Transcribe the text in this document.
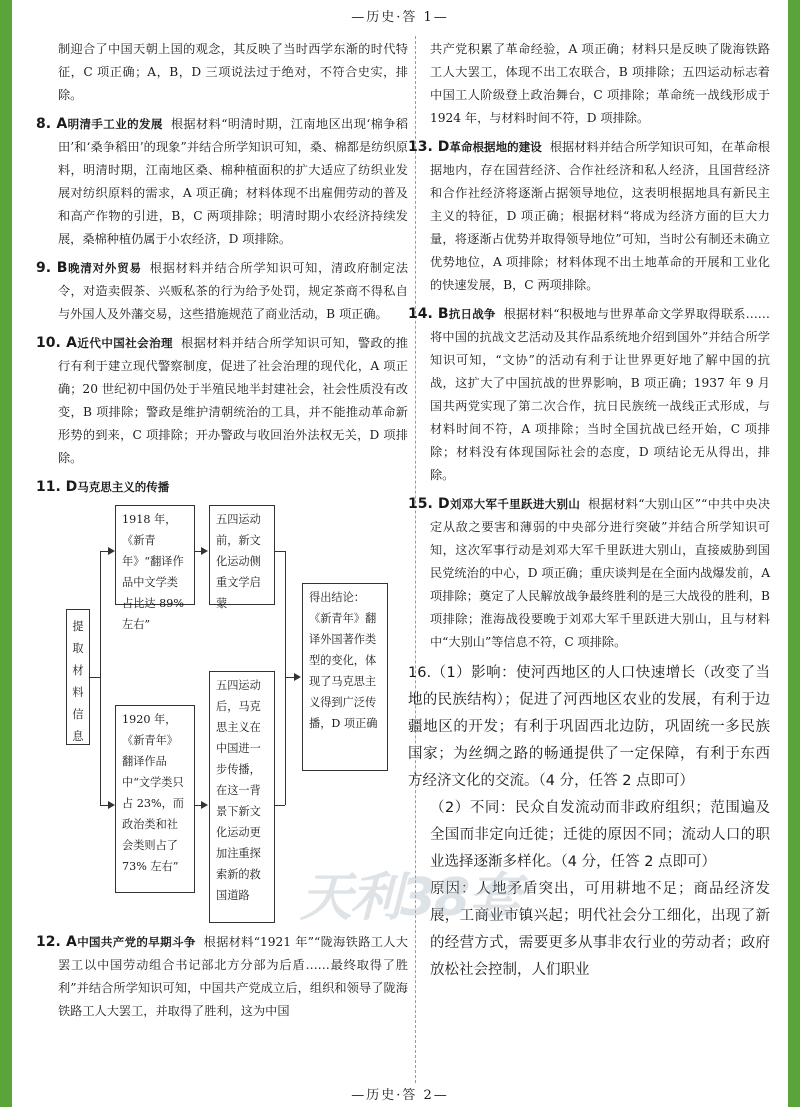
—历史·答 1—

制迎合了中国天朝上国的观念，其反映了当时西学东渐的时代特征，C 项正确；A，B，D 三项说法过于绝对，不符合史实，排除。

8. A明清手工业的发展 根据材料“明清时期，江南地区出现‘棉争稻田’和‘桑争稻田’的现象”并结合所学知识可知，桑、棉都是纺织原料，明清时期，江南地区桑、棉种植面积的扩大适应了纺织业发展对纺织原料的需求，A 项正确；材料体现不出雇佣劳动的普及和高产作物的引进，B，C 两项排除；明清时期小农经济持续发展，桑棉种植仍属于小农经济，D 项排除。

9. B晚清对外贸易 根据材料并结合所学知识可知，清政府制定法令，对造卖假茶、兴贩私茶的行为给予处罚，规定茶商不得私自与外国人及外藩交易，这些措施规范了商业活动，B 项正确。

10. A近代中国社会治理 根据材料并结合所学知识可知，警政的推行有利于建立现代警察制度，促进了社会治理的现代化，A 项正确；20 世纪初中国仍处于半殖民地半封建社会，社会性质没有改变，B 项排除；警政是维护清朝统治的工具，并不能推动革命新形势的到来，C 项排除；开办警政与收回治外法权无关，D 项排除。

11. D马克思主义的传播

提取材料信息
1918 年，《新青年》“翻译作品中文学类占比达 89% 左右”
五四运动前，新文化运动侧重文学启蒙
1920 年，《新青年》翻译作品中“文学类只占 23%，而政治类和社会类则占了 73% 左右”
五四运动后，马克思主义在中国进一步传播，在这一背景下新文化运动更加注重探索新的救国道路
得出结论：《新青年》翻译外国著作类型的变化，体现了马克思主义得到广泛传播，D 项正确

12. A中国共产党的早期斗争 根据材料“1921 年”“陇海铁路工人大罢工以中国劳动组合书记部北方分部为后盾……最终取得了胜利”并结合所学知识可知，中国共产党成立后，组织和领导了陇海铁路工人大罢工，并取得了胜利，这为中国

共产党积累了革命经验，A 项正确；材料只是反映了陇海铁路工人大罢工，体现不出工农联合，B 项排除；五四运动标志着中国工人阶级登上政治舞台，C 项排除；革命统一战线形成于 1924 年，与材料时间不符，D 项排除。

13. D革命根据地的建设 根据材料并结合所学知识可知，在革命根据地内，存在国营经济、合作社经济和私人经济，且国营经济和合作社经济将逐渐占据领导地位，这表明根据地具有新民主主义的特征，D 项正确；根据材料“将成为经济方面的巨大力量，将逐渐占优势并取得领导地位”可知，当时公有制还未确立优势地位，A 项排除；材料体现不出土地革命的开展和工业化的快速发展，B，C 两项排除。

14. B抗日战争 根据材料“积极地与世界革命文学界取得联系……将中国的抗战文艺活动及其作品系统地介绍到国外”并结合所学知识可知，“文协”的活动有利于让世界更好地了解中国的抗战，这扩大了中国抗战的世界影响，B 项正确；1937 年 9 月国共两党实现了第二次合作，抗日民族统一战线正式形成，与材料时间不符，A 项排除；当时全国抗战已经开始，C 项排除；材料没有体现国际社会的态度，D 项结论无从得出，排除。

15. D刘邓大军千里跃进大别山 根据材料“大别山区”“中共中央决定从敌之要害和薄弱的中央部分进行突破”并结合所学知识可知，这次军事行动是刘邓大军千里跃进大别山，直接威胁到国民党统治的中心，D 项正确；重庆谈判是在全面内战爆发前，A 项排除；奠定了人民解放战争最终胜利的是三大战役的胜利，B 项排除；淮海战役要晚于刘邓大军千里跃进大别山，且与材料中“大别山”等信息不符，C 项排除。

16.（1）影响：使河西地区的人口快速增长（改变了当地的民族结构）；促进了河西地区农业的发展，有利于边疆地区的开发；有利于巩固西北边防，巩固统一多民族国家；为丝绸之路的畅通提供了一定保障，有利于东西方经济文化的交流。（4 分，任答 2 点即可）

（2）不同：民众自发流动而非政府组织；范围遍及全国而非定向迁徙；迁徙的原因不同；流动人口的职业选择逐渐多样化。（4 分，任答 2 点即可）

原因：人地矛盾突出，可用耕地不足；商品经济发展，工商业市镇兴起；明代社会分工细化，出现了新的经营方式，需要更多从事非农行业的劳动者；政府放松社会控制，人们职业

天利38套
—历史·答 2—
